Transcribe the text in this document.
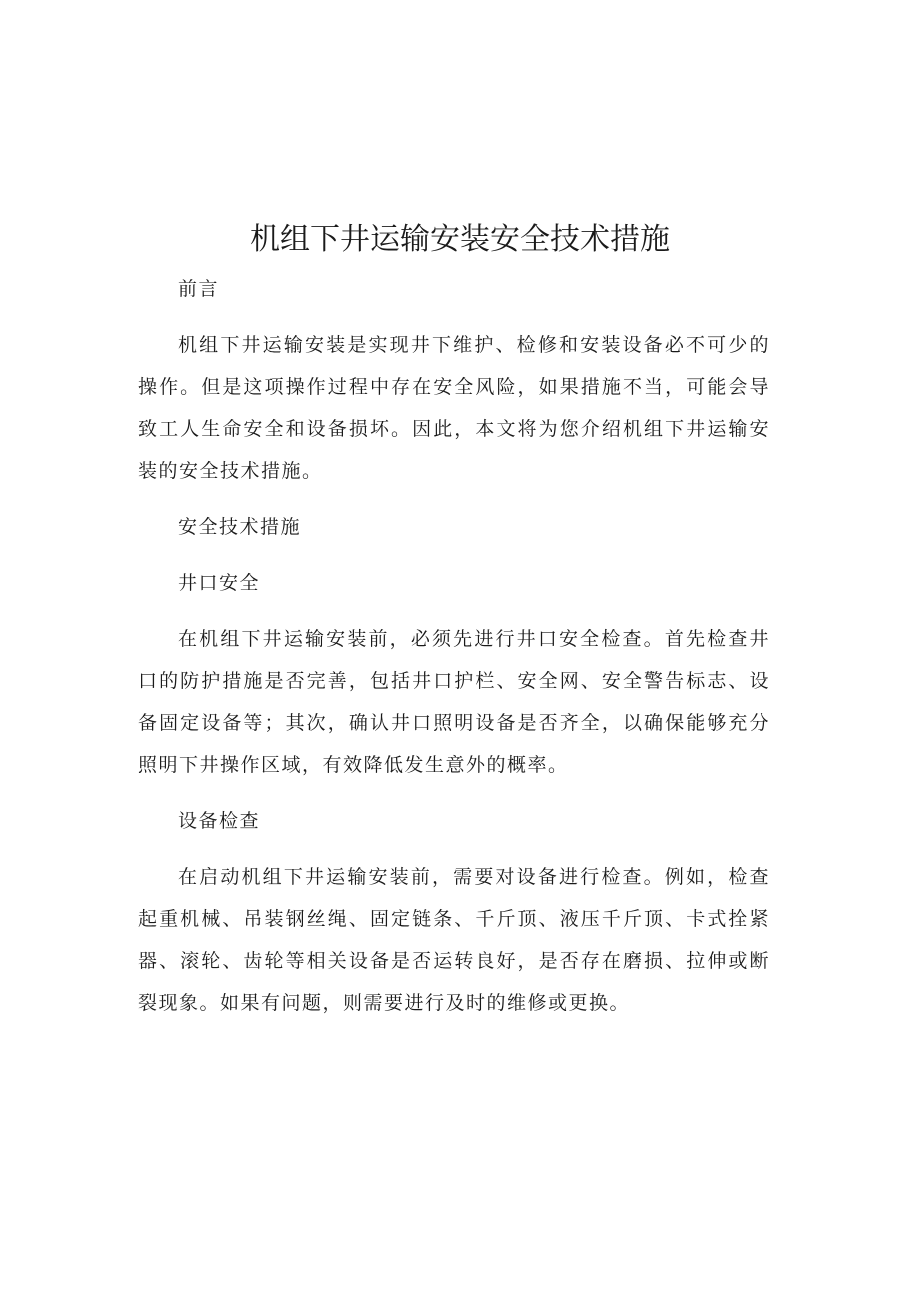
机组下井运输安装安全技术措施

前言

机组下井运输安装是实现井下维护、检修和安装设备必不可少的操作。但是这项操作过程中存在安全风险，如果措施不当，可能会导致工人生命安全和设备损坏。因此，本文将为您介绍机组下井运输安装的安全技术措施。

安全技术措施

井口安全

在机组下井运输安装前，必须先进行井口安全检查。首先检查井口的防护措施是否完善，包括井口护栏、安全网、安全警告标志、设备固定设备等；其次，确认井口照明设备是否齐全，以确保能够充分照明下井操作区域，有效降低发生意外的概率。

设备检查

在启动机组下井运输安装前，需要对设备进行检查。例如，检查起重机械、吊装钢丝绳、固定链条、千斤顶、液压千斤顶、卡式拴紧器、滚轮、齿轮等相关设备是否运转良好，是否存在磨损、拉伸或断裂现象。如果有问题，则需要进行及时的维修或更换。
